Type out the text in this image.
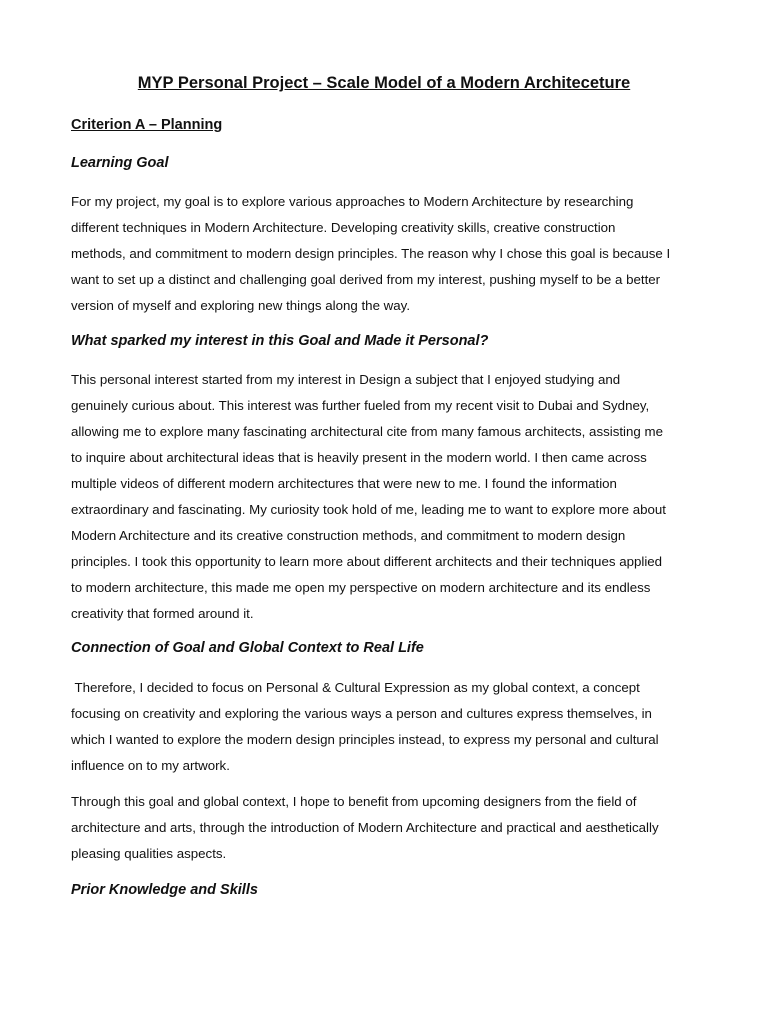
MYP Personal Project – Scale Model of a Modern Architeceture
Criterion A – Planning
Learning Goal
For my project, my goal is to explore various approaches to Modern Architecture by researching
different techniques in Modern Architecture. Developing creativity skills, creative construction
methods, and commitment to modern design principles. The reason why I chose this goal is because I
want to set up a distinct and challenging goal derived from my interest, pushing myself to be a better
version of myself and exploring new things along the way.
What sparked my interest in this Goal and Made it Personal?
This personal interest started from my interest in Design a subject that I enjoyed studying and
genuinely curious about. This interest was further fueled from my recent visit to Dubai and Sydney,
allowing me to explore many fascinating architectural cite from many famous architects, assisting me
to inquire about architectural ideas that is heavily present in the modern world. I then came across
multiple videos of different modern architectures that were new to me. I found the information
extraordinary and fascinating. My curiosity took hold of me, leading me to want to explore more about
Modern Architecture and its creative construction methods, and commitment to modern design
principles. I took this opportunity to learn more about different architects and their techniques applied
to modern architecture, this made me open my perspective on modern architecture and its endless
creativity that formed around it.
Connection of Goal and Global Context to Real Life
Therefore, I decided to focus on Personal & Cultural Expression as my global context, a concept
focusing on creativity and exploring the various ways a person and cultures express themselves, in
which I wanted to explore the modern design principles instead, to express my personal and cultural
influence on to my artwork.
Through this goal and global context, I hope to benefit from upcoming designers from the field of
architecture and arts, through the introduction of Modern Architecture and practical and aesthetically
pleasing qualities aspects.
Prior Knowledge and Skills
